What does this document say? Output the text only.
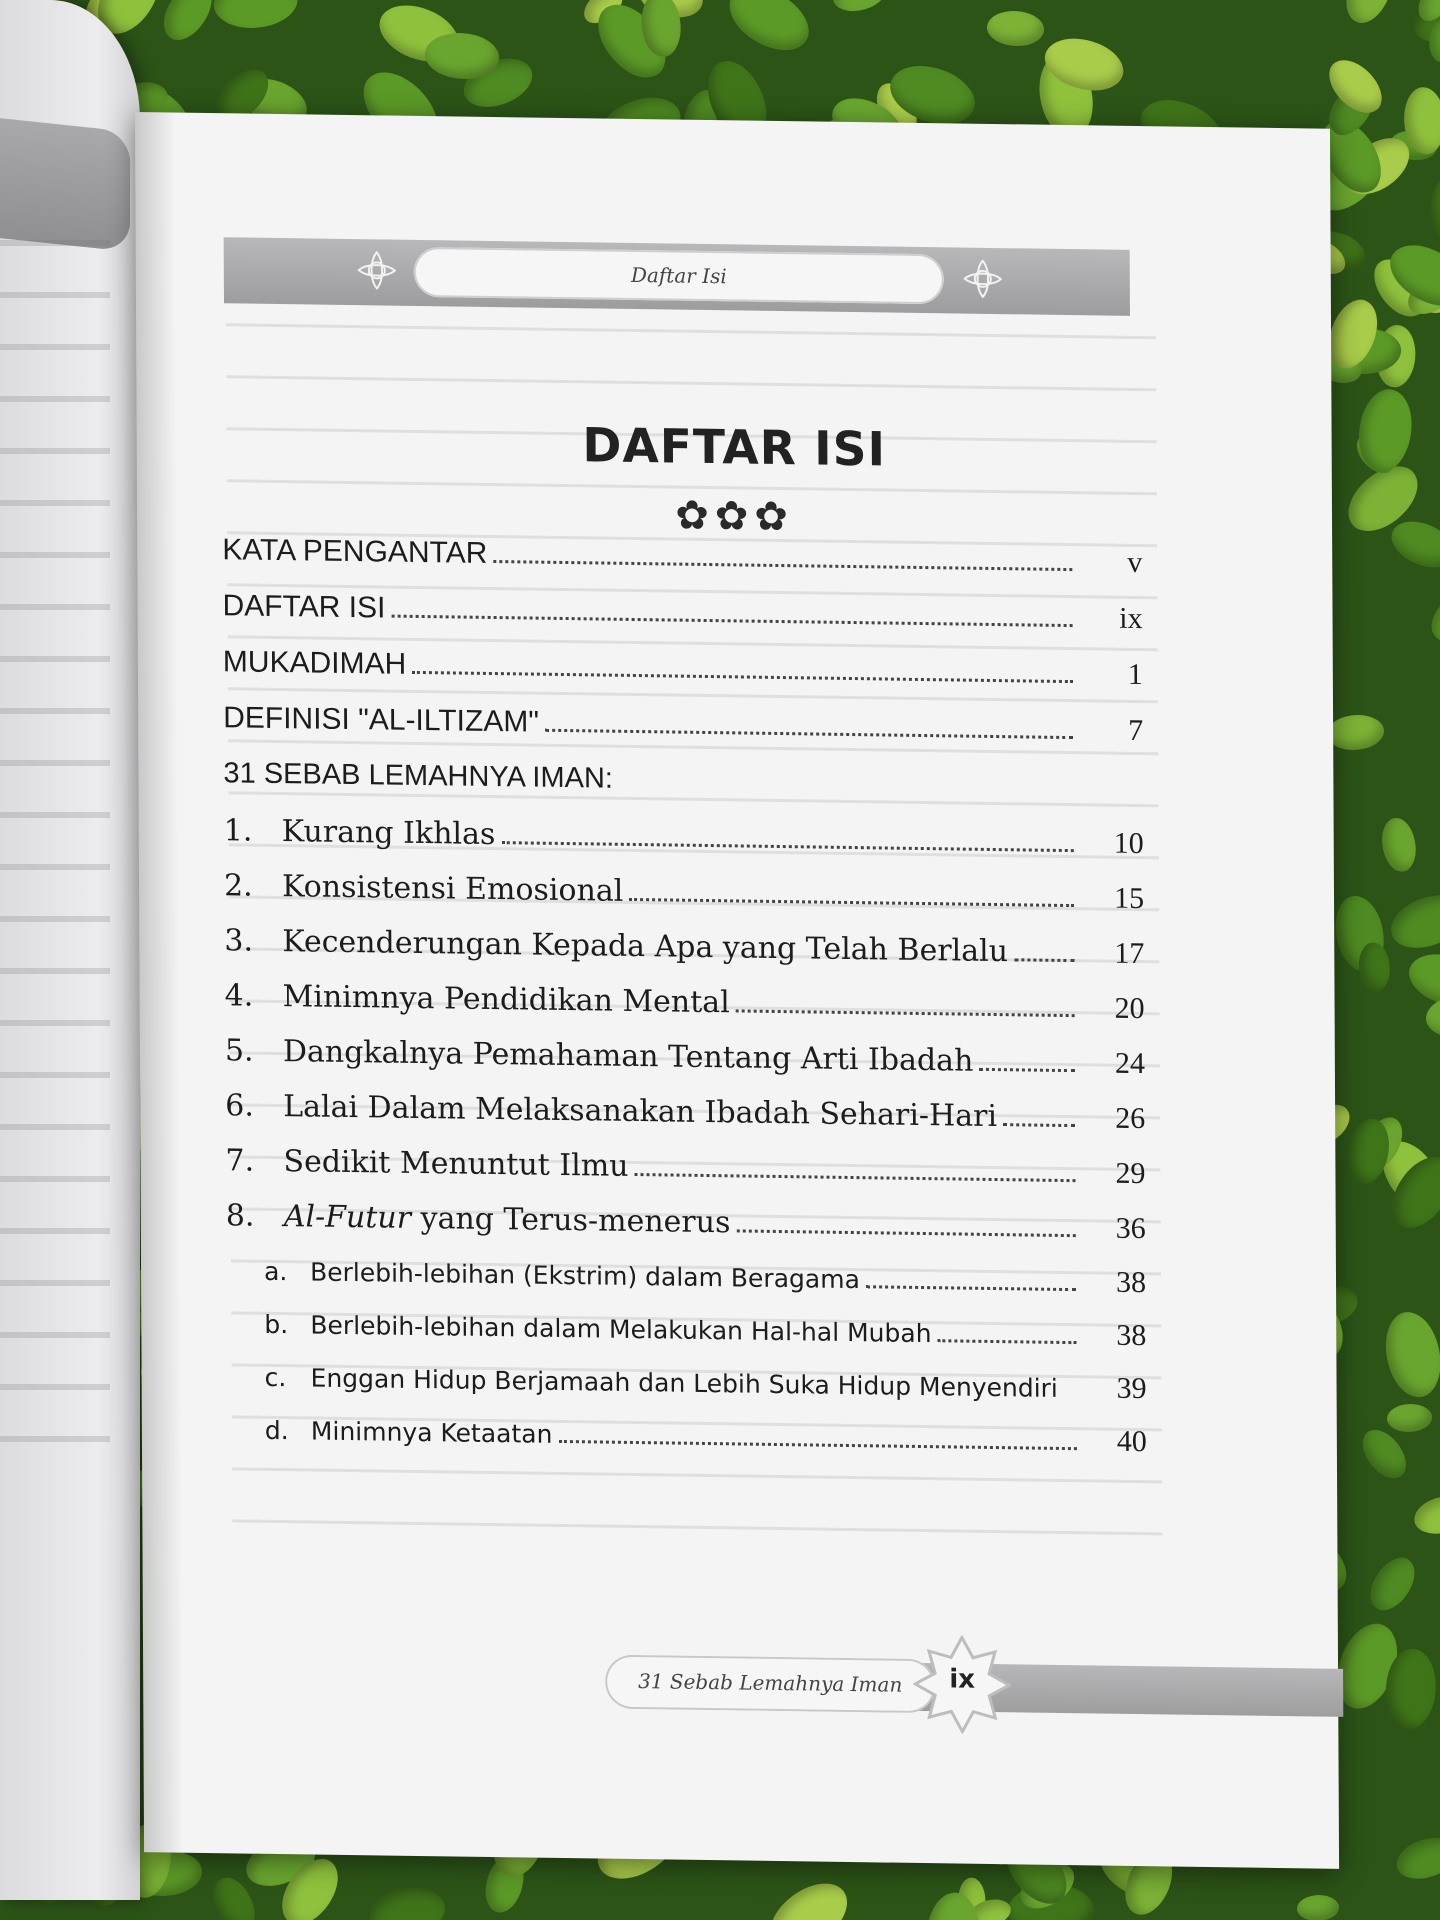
Daftar Isi
DAFTAR ISI
✿✿✿
KATA PENGANTAR	v
DAFTAR ISI	ix
MUKADIMAH	1
DEFINISI "AL-ILTIZAM"	7
31 SEBAB LEMAHNYA IMAN:
1. Kurang Ikhlas	10
2. Konsistensi Emosional	15
3. Kecenderungan Kepada Apa yang Telah Berlalu	17
4. Minimnya Pendidikan Mental	20
5. Dangkalnya Pemahaman Tentang Arti Ibadah	24
6. Lalai Dalam Melaksanakan Ibadah Sehari-Hari	26
7. Sedikit Menuntut Ilmu	29
8. Al-Futur yang Terus-menerus	36
a. Berlebih-lebihan (Ekstrim) dalam Beragama	38
b. Berlebih-lebihan dalam Melakukan Hal-hal Mubah	38
c. Enggan Hidup Berjamaah dan Lebih Suka Hidup Menyendiri	39
d. Minimnya Ketaatan	40
31 Sebab Lemahnya Iman	ix
